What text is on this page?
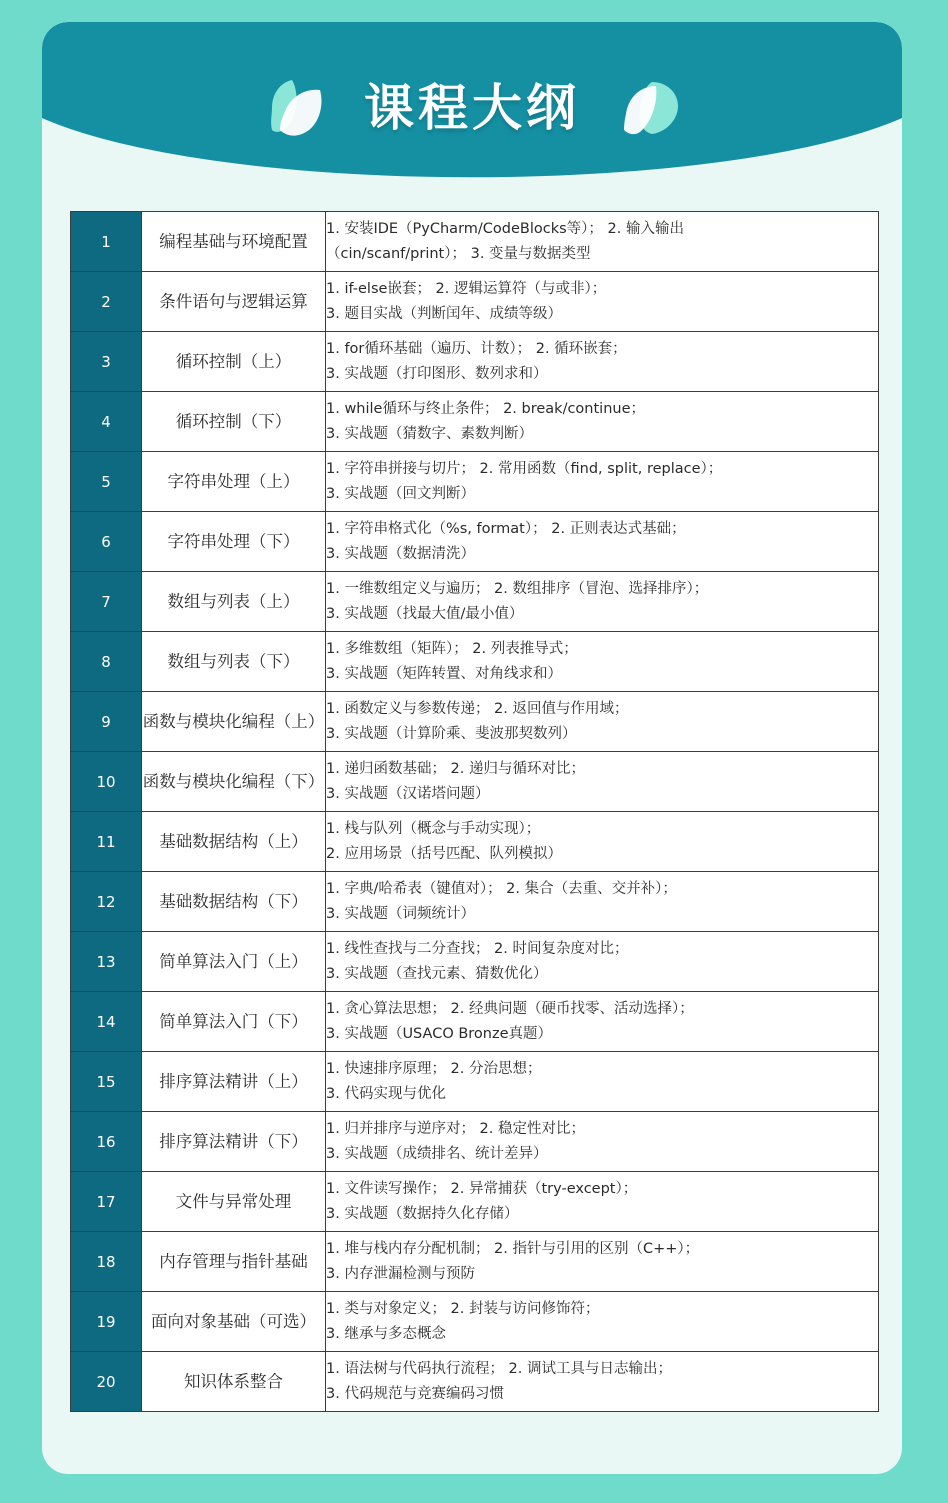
课程大纲
1	编程基础与环境配置	1. 安装IDE（PyCharm/CodeBlocks等）； 2. 输入输出
（cin/scanf/print）； 3. 变量与数据类型

2	条件语句与逻辑运算	1. if-else嵌套； 2. 逻辑运算符（与或非）；
3. 题目实战（判断闰年、成绩等级）

3	循环控制（上）	1. for循环基础（遍历、计数）； 2. 循环嵌套；
3. 实战题（打印图形、数列求和）

4	循环控制（下）	1. while循环与终止条件； 2. break/continue；
3. 实战题（猜数字、素数判断）

5	字符串处理（上）	1. 字符串拼接与切片； 2. 常用函数（find, split, replace）；
3. 实战题（回文判断）

6	字符串处理（下）	1. 字符串格式化（%s, format）； 2. 正则表达式基础；
3. 实战题（数据清洗）

7	数组与列表（上）	1. 一维数组定义与遍历； 2. 数组排序（冒泡、选择排序）；
3. 实战题（找最大值/最小值）

8	数组与列表（下）	1. 多维数组（矩阵）； 2. 列表推导式；
3. 实战题（矩阵转置、对角线求和）

9	函数与模块化编程（上）	1. 函数定义与参数传递； 2. 返回值与作用域；
3. 实战题（计算阶乘、斐波那契数列）

10	函数与模块化编程（下）	1. 递归函数基础； 2. 递归与循环对比；
3. 实战题（汉诺塔问题）

11	基础数据结构（上）	1. 栈与队列（概念与手动实现）；
2. 应用场景（括号匹配、队列模拟）

12	基础数据结构（下）	1. 字典/哈希表（键值对）； 2. 集合（去重、交并补）；
3. 实战题（词频统计）

13	简单算法入门（上）	1. 线性查找与二分查找； 2. 时间复杂度对比；
3. 实战题（查找元素、猜数优化）

14	简单算法入门（下）	1. 贪心算法思想； 2. 经典问题（硬币找零、活动选择）；
3. 实战题（USACO Bronze真题）

15	排序算法精讲（上）	1. 快速排序原理； 2. 分治思想；
3. 代码实现与优化

16	排序算法精讲（下）	1. 归并排序与逆序对； 2. 稳定性对比；
3. 实战题（成绩排名、统计差异）

17	文件与异常处理	1. 文件读写操作； 2. 异常捕获（try-except）；
3. 实战题（数据持久化存储）

18	内存管理与指针基础	1. 堆与栈内存分配机制； 2. 指针与引用的区别（C++）；
3. 内存泄漏检测与预防

19	面向对象基础（可选）	1. 类与对象定义； 2. 封装与访问修饰符；
3. 继承与多态概念

20	知识体系整合	1. 语法树与代码执行流程； 2. 调试工具与日志输出；
3. 代码规范与竞赛编码习惯
